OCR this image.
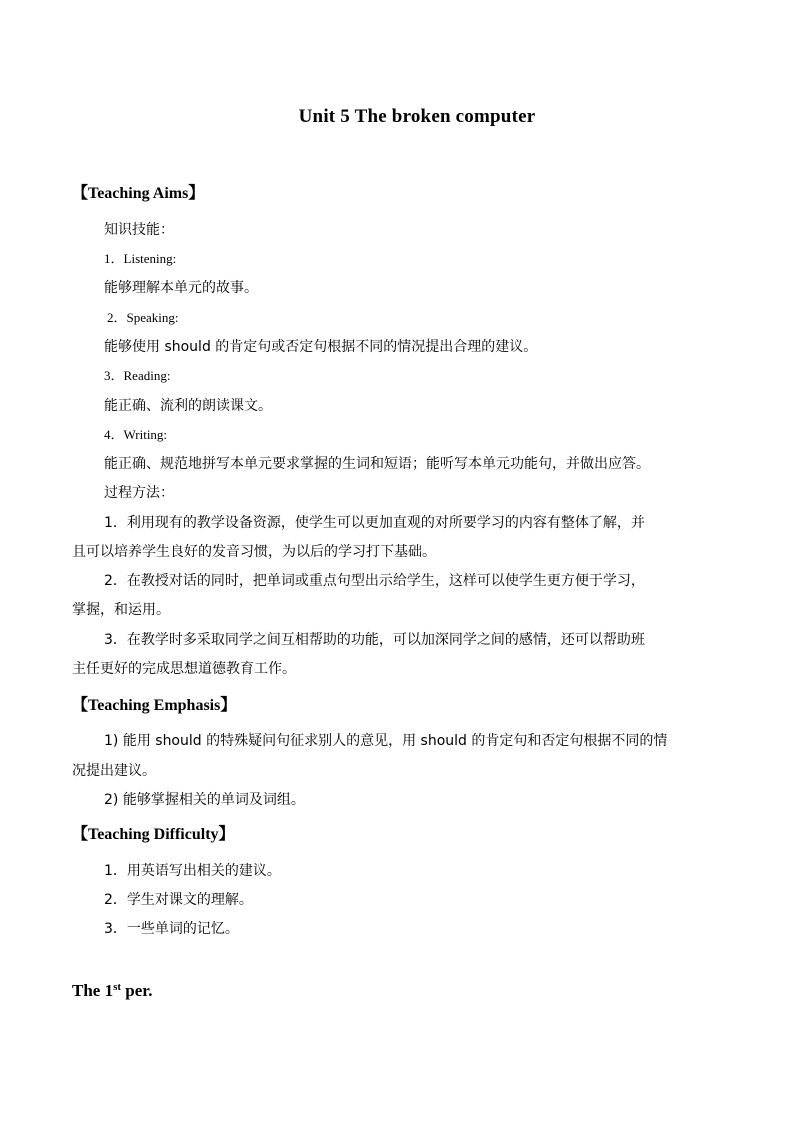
Unit 5 The broken computer
【Teaching Aims】
知识技能：
1．Listening:
能够理解本单元的故事。
2．Speaking:
能够使用 should 的肯定句或否定句根据不同的情况提出合理的建议。
3．Reading:
能正确、流利的朗读课文。
4．Writing:
能正确、规范地拼写本单元要求掌握的生词和短语；能听写本单元功能句，并做出应答。
过程方法：
1．利用现有的教学设备资源，使学生可以更加直观的对所要学习的内容有整体了解，并
且可以培养学生良好的发音习惯，为以后的学习打下基础。
2．在教授对话的同时，把单词或重点句型出示给学生，这样可以使学生更方便于学习，
掌握，和运用。
3．在教学时多采取同学之间互相帮助的功能，可以加深同学之间的感情，还可以帮助班
主任更好的完成思想道德教育工作。
【Teaching Emphasis】
1) 能用 should 的特殊疑问句征求别人的意见，用 should 的肯定句和否定句根据不同的情
况提出建议。
2) 能够掌握相关的单词及词组。
【Teaching Difficulty】
1．用英语写出相关的建议。
2．学生对课文的理解。
3．一些单词的记忆。
The 1st per.
